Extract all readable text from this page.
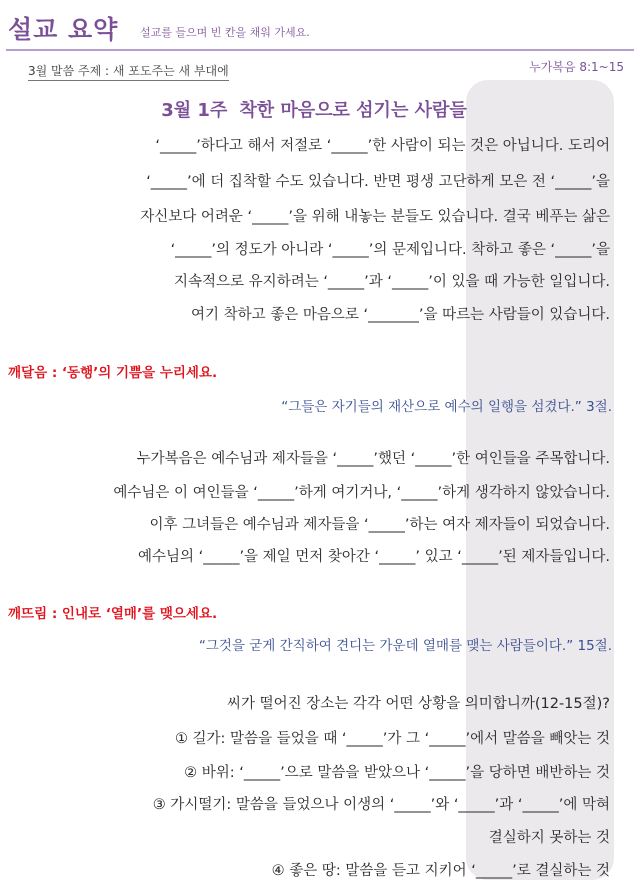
설교 요약 설교를 들으며 빈 칸을 채워 가세요.
3월 말씀 주제 : 새 포도주는 새 부대에	누가복음 8:1~15
3월 1주 착한 마음으로 섬기는 사람들
‘_____’하다고 해서 저절로 ‘_____’한 사람이 되는 것은 아닙니다. 도리어
‘_____’에 더 집착할 수도 있습니다. 반면 평생 고단하게 모은 전 ‘_____’을
자신보다 어려운 ‘_____’을 위해 내놓는 분들도 있습니다. 결국 베푸는 삶은
‘_____’의 정도가 아니라 ‘_____’의 문제입니다. 착하고 좋은 ‘_____’을
지속적으로 유지하려는 ‘_____’과 ‘_____’이 있을 때 가능한 일입니다.
여기 착하고 좋은 마음으로 ‘_______’을 따르는 사람들이 있습니다.
깨달음 : ‘동행’의 기쁨을 누리세요.
“그들은 자기들의 재산으로 예수의 일행을 섬겼다.” 3절.
누가복음은 예수님과 제자들을 ‘_____’했던 ‘_____’한 여인들을 주목합니다.
예수님은 이 여인들을 ‘_____’하게 여기거나, ‘_____’하게 생각하지 않았습니다.
이후 그녀들은 예수님과 제자들을 ‘_____’하는 여자 제자들이 되었습니다.
예수님의 ‘_____’을 제일 먼저 찾아간 ‘_____’ 있고 ‘_____’된 제자들입니다.
깨뜨림 : 인내로 ‘열매’를 맺으세요.
“그것을 굳게 간직하여 견디는 가운데 열매를 맺는 사람들이다.” 15절.
씨가 떨어진 장소는 각각 어떤 상황을 의미합니까(12-15절)?
① 길가: 말씀을 들었을 때 ‘_____’가 그 ‘_____’에서 말씀을 빼앗는 것
② 바위: ‘_____’으로 말씀을 받았으나 ‘_____’을 당하면 배반하는 것
③ 가시떨기: 말씀을 들었으나 이생의 ‘_____’와 ‘_____’과 ‘_____’에 막혀
결실하지 못하는 것
④ 좋은 땅: 말씀을 듣고 지키어 ‘_____’로 결실하는 것
